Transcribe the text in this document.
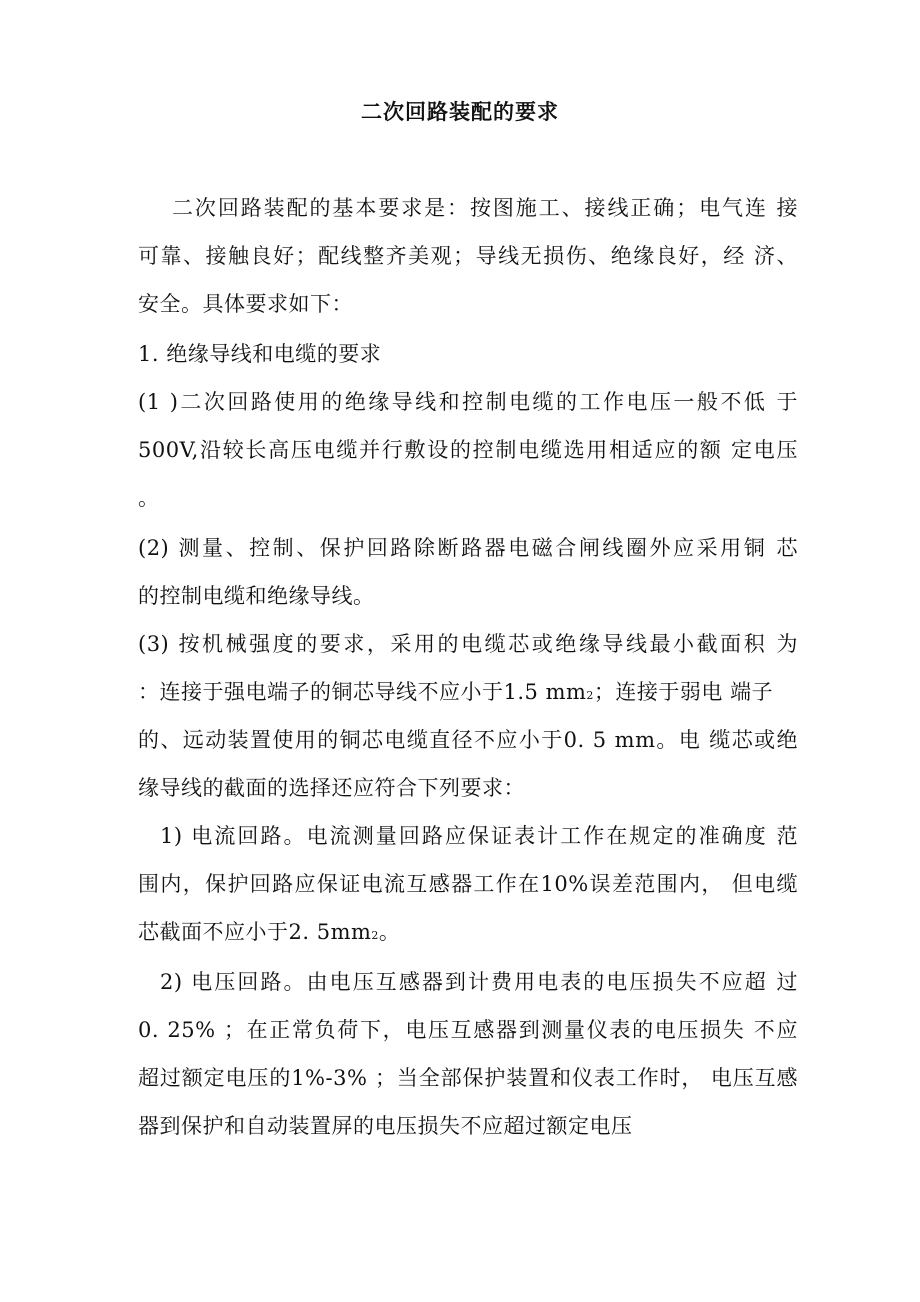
二次回路装配的要求
二次回路装配的基本要求是：按图施工、接线正确；电气连 接
可靠、接触良好；配线整齐美观；导线无损伤、绝缘良好，经 济、
安全。具体要求如下：
1. 绝缘导线和电缆的要求
(1 )二次回路使用的绝缘导线和控制电缆的工作电压一般不低 于
500V,沿较长高压电缆并行敷设的控制电缆选用相适应的额 定电压
。
(2) 测量、控制、保护回路除断路器电磁合闸线圈外应采用铜 芯
的控制电缆和绝缘导线。
(3) 按机械强度的要求，采用的电缆芯或绝缘导线最小截面积 为
：连接于强电端子的铜芯导线不应小于1.5 mm2；连接于弱电 端子
的、远动装置使用的铜芯电缆直径不应小于0. 5 mm。电 缆芯或绝
缘导线的截面的选择还应符合下列要求：
1) 电流回路。电流测量回路应保证表计工作在规定的准确度 范
围内，保护回路应保证电流互感器工作在10%误差范围内， 但电缆
芯截面不应小于2. 5mm2。
2) 电压回路。由电压互感器到计费用电表的电压损失不应超 过
0. 25% ；在正常负荷下，电压互感器到测量仪表的电压损失 不应
超过额定电压的1%-3% ；当全部保护装置和仪表工作时， 电压互感
器到保护和自动装置屏的电压损失不应超过额定电压
